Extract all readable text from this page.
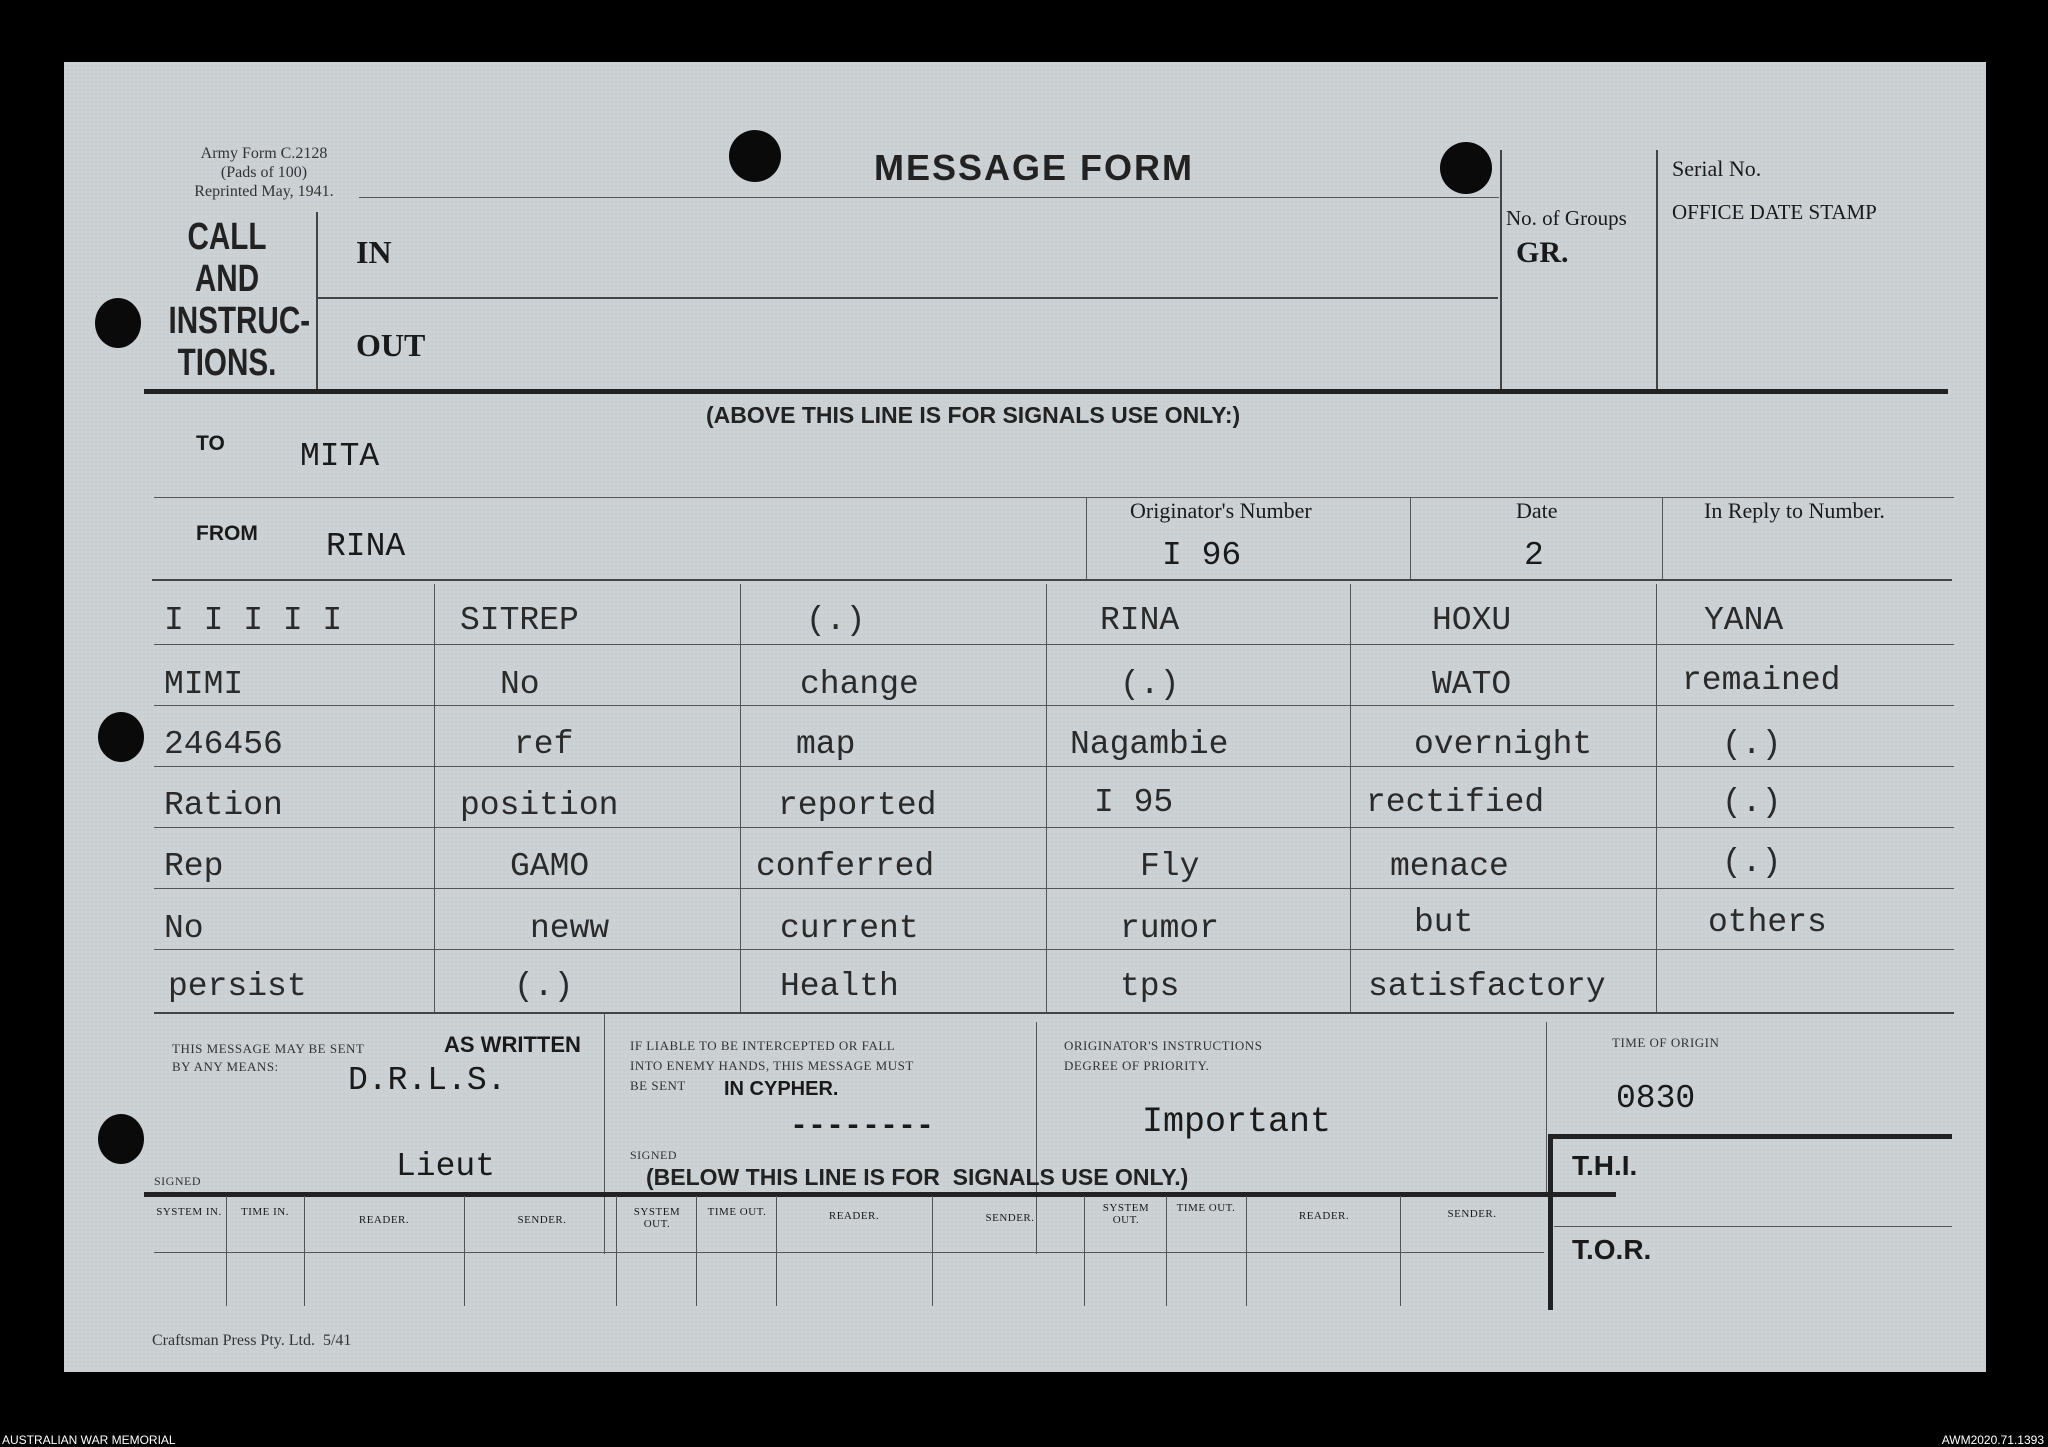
Army Form C.2128
(Pads of 100)
Reprinted May, 1941.
MESSAGE FORM
CALL
AND
INSTRUC-
TIONS.
IN
OUT
No. of Groups
GR.
Serial No.
OFFICE DATE STAMP
(ABOVE THIS LINE IS FOR SIGNALS USE ONLY:)
TO MITA
FROM RINA
Originator's Number
I 96
Date
2
In Reply to Number.
I I I I I	SITREP	(.)	RINA	HOXU	YANA
MIMI	No	change	(.)	WATO	remained
246456	ref	map	Nagambie	overnight	(.)
Ration	position	reported	I 95	rectified	(.)
Rep	GAMO	conferred	Fly	menace	(.)
No	neww	current	rumor	but	others
persist	(.)	Health	tps	satisfactory
THIS MESSAGE MAY BE SENT
BY ANY MEANS:
AS WRITTEN
D.R.L.S.
IF LIABLE TO BE INTERCEPTED OR FALL
INTO ENEMY HANDS, THIS MESSAGE MUST
BE SENT	IN CYPHER.
--------
ORIGINATOR'S INSTRUCTIONS
DEGREE OF PRIORITY.
Important
TIME OF ORIGIN
0830
SIGNED	Lieut	SIGNED
(BELOW THIS LINE IS FOR  SIGNALS USE ONLY.)	T.H.I.
T.O.R.
SYSTEM IN.	TIME IN.
READER.	SENDER.
SYSTEM OUT.
TIME OUT.	READER.	SENDER.
SYSTEM OUT.
TIME OUT.
READER.	SENDER.
Craftsman Press Pty. Ltd.  5/41
AUSTRALIAN WAR MEMORIAL	AWM2020.71.1393
